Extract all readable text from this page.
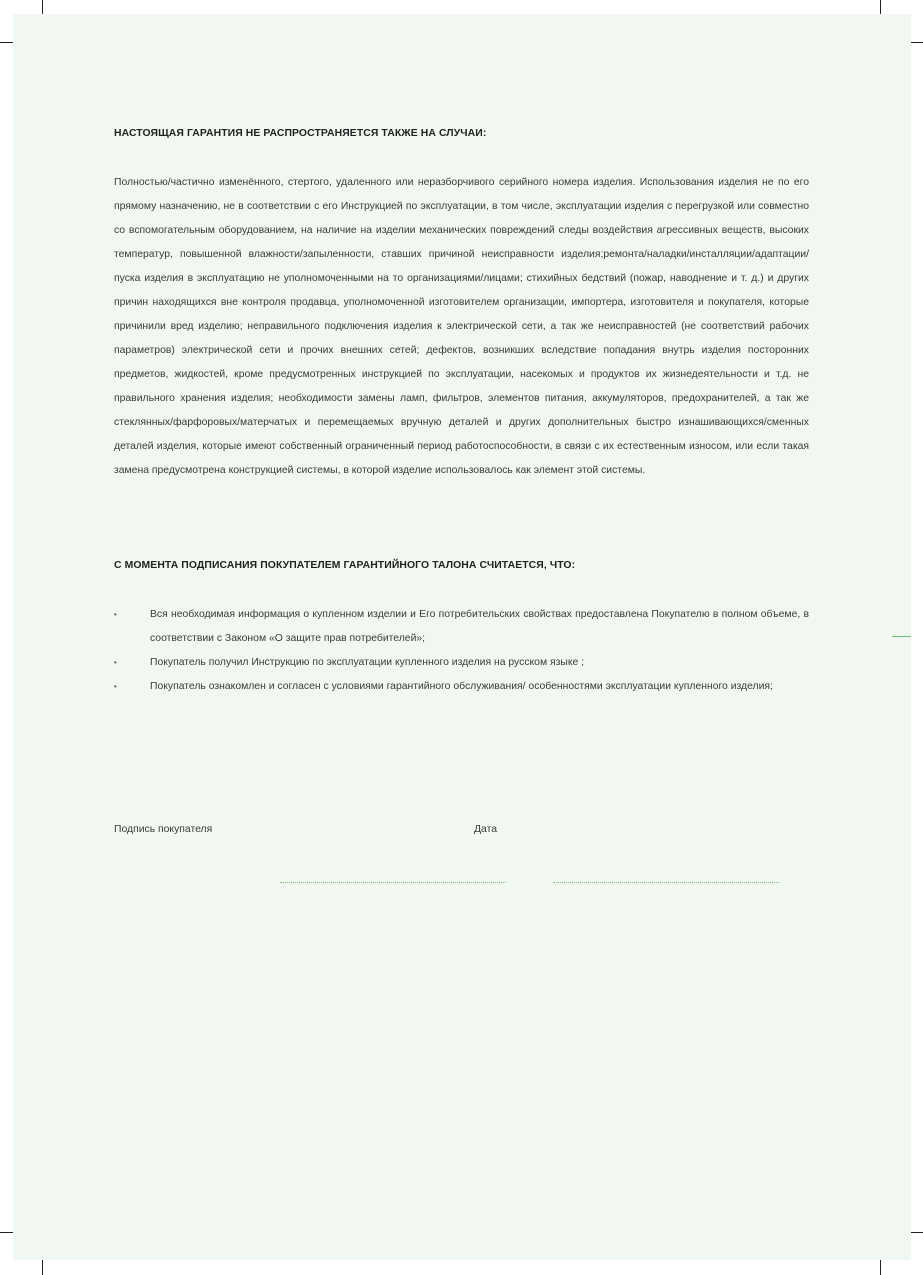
НАСТОЯЩАЯ ГАРАНТИЯ НЕ РАСПРОСТРАНЯЕТСЯ ТАКЖЕ НА СЛУЧАИ:

Полностью/частично изменённого, стертого, удаленного или неразборчивого серийного номера изделия. Использования изделия не по его прямому назначению, не в соответствии с его Инструкцией по эксплуатации, в том числе, эксплуатации изделия с перегрузкой или совместно со вспомогательным оборудованием, на наличие на изделии механических повреждений следы воздействия агрессивных веществ, высоких температур, повышенной влажности/запыленности, ставших причиной неисправности изделия;ремонта/наладки/инсталляции/адаптации/пуска изделия в эксплуатацию не уполномоченными на то организациями/лицами; стихийных бедствий (пожар, наводнение и т. д.) и других причин находящихся вне контроля продавца, уполномоченной изготовителем организации, импортера, изготовителя и покупателя, которые причинили вред изделию; неправильного подключения изделия к электрической сети, а так же неисправностей (не соответствий рабочих параметров) электрической сети и прочих внешних сетей; дефектов, возникших вследствие попадания внутрь изделия посторонних предметов, жидкостей, кроме предусмотренных инструкцией по эксплуатации, насекомых и продуктов их жизнедеятельности и т.д. не правильного хранения изделия; необходимости замены ламп, фильтров, элементов питания, аккумуляторов, предохранителей, а так же стеклянных/фарфоровых/матерчатых и перемещаемых вручную деталей и других дополнительных быстро изнашивающихся/сменных деталей изделия, которые имеют собственный ограниченный период работоспособности, в связи с их естественным износом, или если такая замена предусмотрена конструкцией системы, в которой изделие использовалось как элемент этой системы.

С МОМЕНТА ПОДПИСАНИЯ ПОКУПАТЕЛЕМ ГАРАНТИЙНОГО ТАЛОНА СЧИТАЕТСЯ, ЧТО:
•	Вся необходимая информация о купленном изделии и Его потребительских свойствах предоставлена Покупателю в полном объеме, в соответствии с Законом «О защите прав потребителей»;
•	Покупатель получил Инструкцию по эксплуатации купленного изделия на русском языке ;
•	Покупатель ознакомлен и согласен с условиями гарантийного обслуживания/ особенностями эксплуатации купленного изделия;
Подпись покупателя	Дата
